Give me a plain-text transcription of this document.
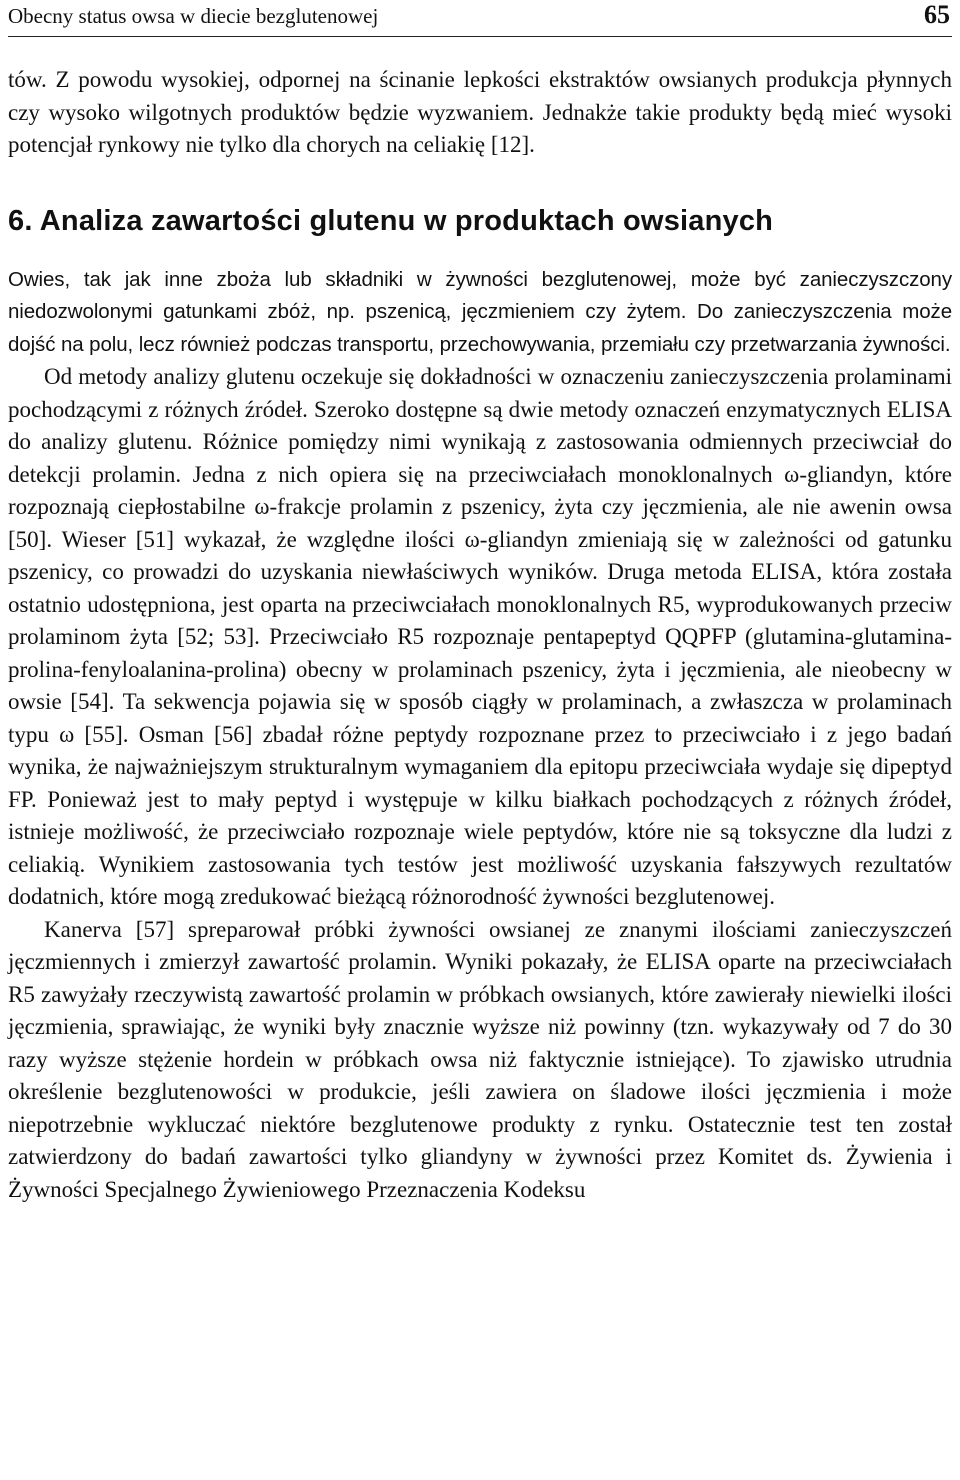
Obecny status owsa w diecie bezglutenowej	65

tów. Z powodu wysokiej, odpornej na ścinanie lepkości ekstraktów owsianych produkcja płynnych czy wysoko wilgotnych produktów będzie wyzwaniem. Jednakże takie produkty będą mieć wysoki potencjał rynkowy nie tylko dla chorych na celiakię [12].

6. Analiza zawartości glutenu w produktach owsianych

Owies, tak jak inne zboża lub składniki w żywności bezglutenowej, może być zanieczyszczony niedozwolonymi gatunkami zbóż, np. pszenicą, jęczmieniem czy żytem. Do zanieczyszczenia może dojść na polu, lecz również podczas transportu, przechowywania, przemiału czy przetwarzania żywności.

Od metody analizy glutenu oczekuje się dokładności w oznaczeniu zanieczyszczenia prolaminami pochodzącymi z różnych źródeł. Szeroko dostępne są dwie metody oznaczeń enzymatycznych ELISA do analizy glutenu. Różnice pomiędzy nimi wynikają z zastosowania odmiennych przeciwciał do detekcji prolamin. Jedna z nich opiera się na przeciwciałach monoklonalnych ω-gliandyn, które rozpoznają ciepłostabilne ω-frakcje prolamin z pszenicy, żyta czy jęczmienia, ale nie awenin owsa [50]. Wieser [51] wykazał, że względne ilości ω-gliandyn zmieniają się w zależności od gatunku pszenicy, co prowadzi do uzyskania niewłaściwych wyników. Druga metoda ELISA, która została ostatnio udostępniona, jest oparta na przeciwciałach monoklonalnych R5, wyprodukowanych przeciw prolaminom żyta [52; 53]. Przeciwciało R5 rozpoznaje pentapeptyd QQPFP (glutamina-glutamina-prolina-fenyloalanina-prolina) obecny w prolaminach pszenicy, żyta i jęczmienia, ale nieobecny w owsie [54]. Ta sekwencja pojawia się w sposób ciągły w prolaminach, a zwłaszcza w prolaminach typu ω [55]. Osman [56] zbadał różne peptydy rozpoznane przez to przeciwciało i z jego badań wynika, że najważniejszym strukturalnym wymaganiem dla epitopu przeciwciała wydaje się dipeptyd FP. Ponieważ jest to mały peptyd i występuje w kilku białkach pochodzących z różnych źródeł, istnieje możliwość, że przeciwciało rozpoznaje wiele peptydów, które nie są toksyczne dla ludzi z celiakią. Wynikiem zastosowania tych testów jest możliwość uzyskania fałszywych rezultatów dodatnich, które mogą zredukować bieżącą różnorodność żywności bezglutenowej.

Kanerva [57] spreparował próbki żywności owsianej ze znanymi ilościami zanieczyszczeń jęczmiennych i zmierzył zawartość prolamin. Wyniki pokazały, że ELISA oparte na przeciwciałach R5 zawyżały rzeczywistą zawartość prolamin w próbkach owsianych, które zawierały niewielki ilości jęczmienia, sprawiając, że wyniki były znacznie wyższe niż powinny (tzn. wykazywały od 7 do 30 razy wyższe stężenie hordein w próbkach owsa niż faktycznie istniejące). To zjawisko utrudnia określenie bezglutenowości w produkcie, jeśli zawiera on śladowe ilości jęczmienia i może niepotrzebnie wykluczać niektóre bezglutenowe produkty z rynku. Ostatecznie test ten został zatwierdzony do badań zawartości tylko gliandyny w żywności przez Komitet ds. Żywienia i Żywności Specjalnego Żywieniowego Przeznaczenia Kodeksu
